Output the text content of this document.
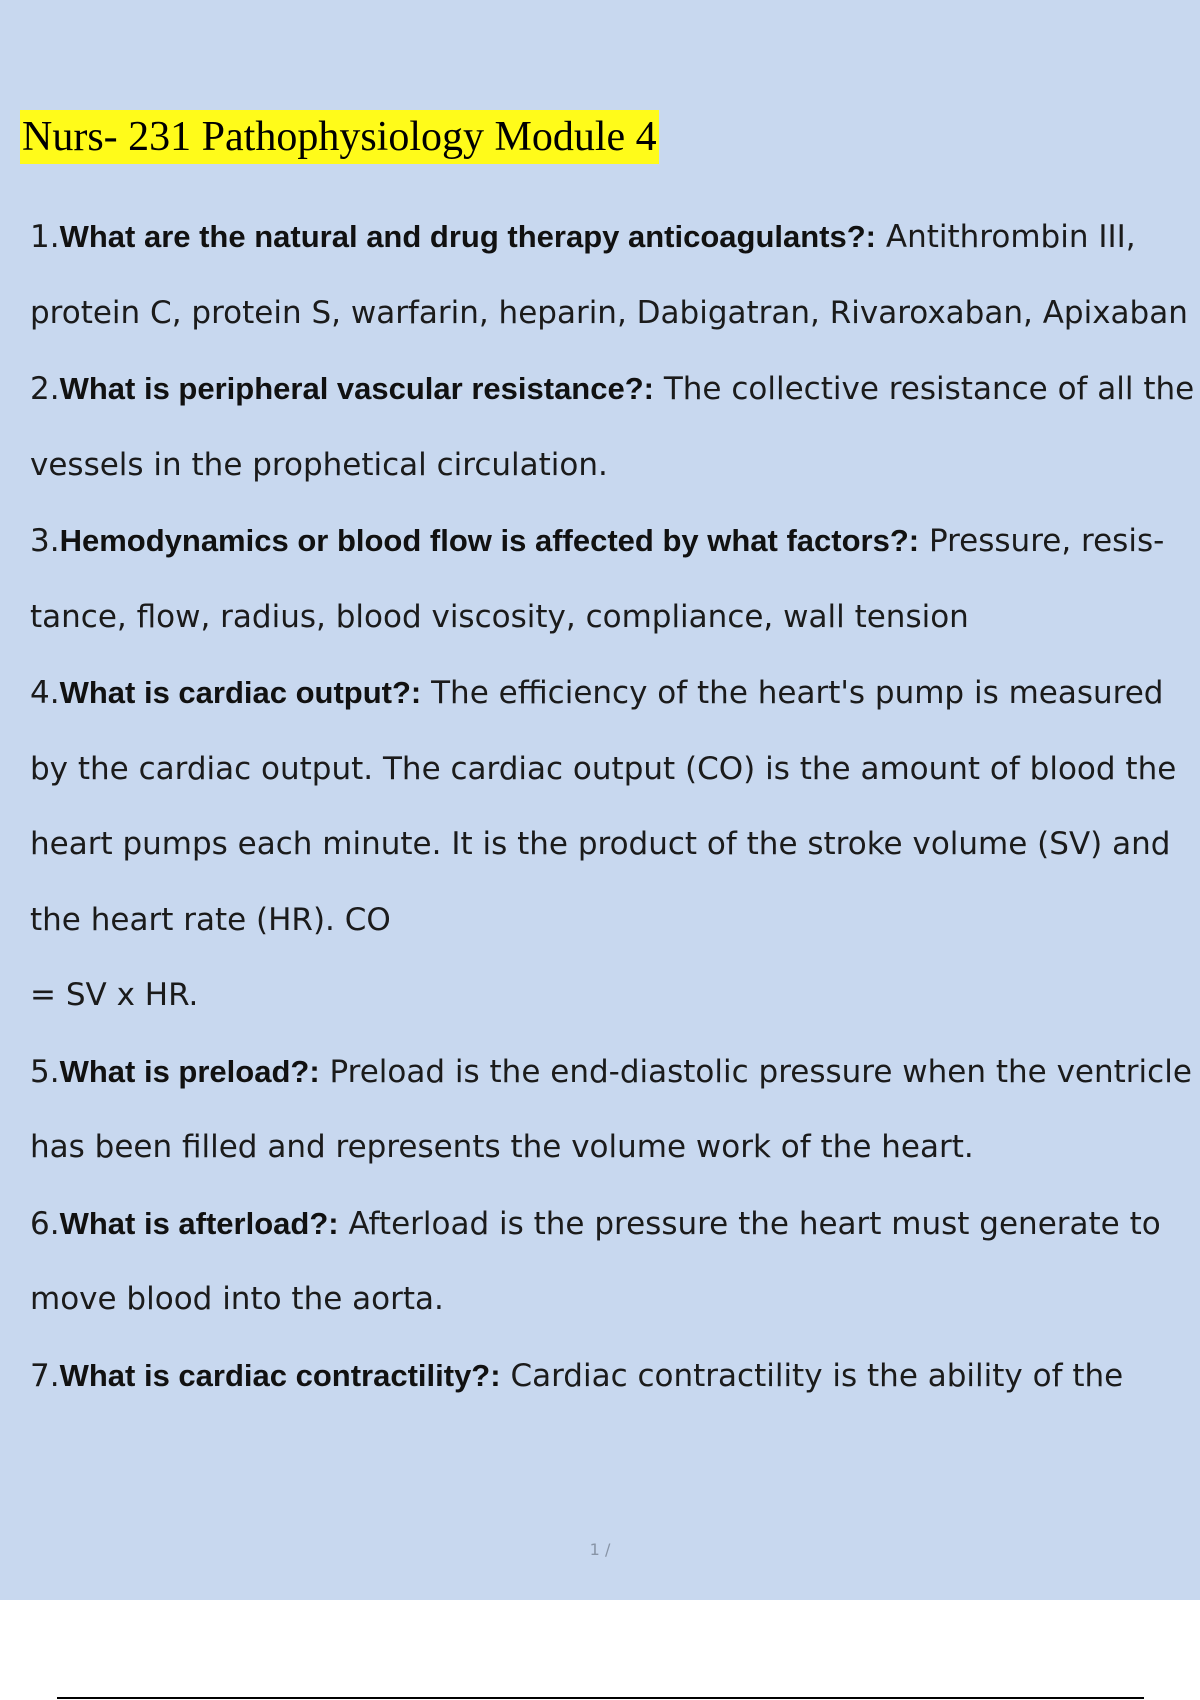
Nurs- 231 Pathophysiology Module 4

1.What are the natural and drug therapy anticoagulants?: Antithrombin III, protein C, protein S, warfarin, heparin, Dabigatran, Rivaroxaban, Apixaban

2.What is peripheral vascular resistance?: The collective resistance of all the vessels in the prophetical circulation.

3.Hemodynamics or blood flow is affected by what factors?: Pressure, resis- tance, flow, radius, blood viscosity, compliance, wall tension

4.What is cardiac output?: The efficiency of the heart's pump is measured by the cardiac output. The cardiac output (CO) is the amount of blood the heart pumps each minute. It is the product of the stroke volume (SV) and the heart rate (HR). CO

= SV x HR.

5.What is preload?: Preload is the end-diastolic pressure when the ventricle has been filled and represents the volume work of the heart.

6.What is afterload?: Afterload is the pressure the heart must generate to move blood into the aorta.

7.What is cardiac contractility?: Cardiac contractility is the ability of the

1 /
